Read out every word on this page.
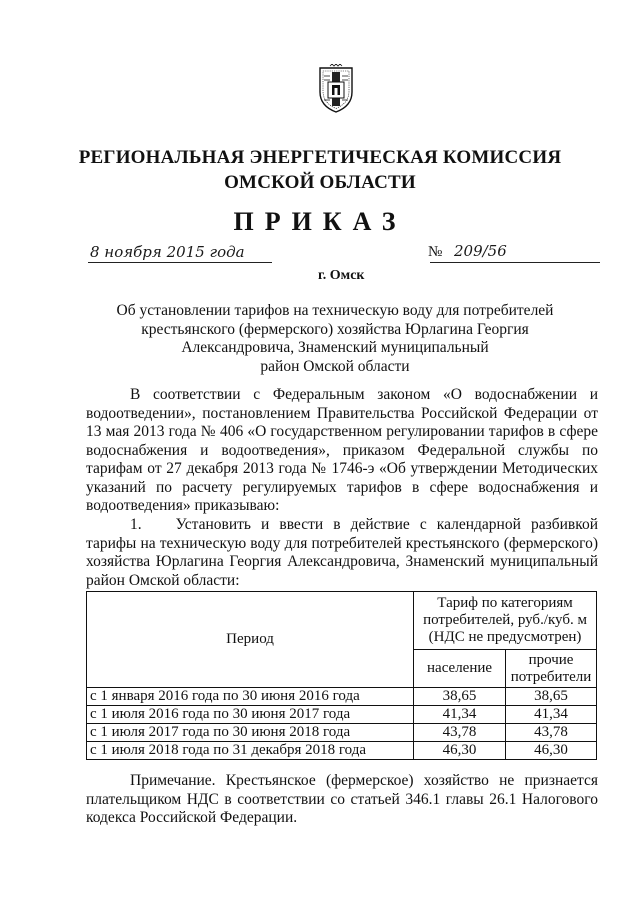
РЕГИОНАЛЬНАЯ ЭНЕРГЕТИЧЕСКАЯ КОМИССИЯ
ОМСКОЙ ОБЛАСТИ
ПРИКАЗ
8 ноября 2015 года	№ 209/56
г. Омск
Об установлении тарифов на техническую воду для потребителей
крестьянского (фермерского) хозяйства Юрлагина Георгия
Александровича, Знаменский муниципальный
район Омской области
В соответствии с Федеральным законом «О водоснабжении и водоотведении», постановлением Правительства Российской Федерации от 13 мая 2013 года № 406 «О государственном регулировании тарифов в сфере водоснабжения и водоотведения», приказом Федеральной службы по тарифам от 27 декабря 2013 года № 1746-э «Об утверждении Методических указаний по расчету регулируемых тарифов в сфере водоснабжения и водоотведения» приказываю:
1. Установить и ввести в действие с календарной разбивкой тарифы на техническую воду для потребителей крестьянского (фермерского) хозяйства Юрлагина Георгия Александровича, Знаменский муниципальный район Омской области:
Период	Тариф по категориям потребителей, руб./куб. м (НДС не предусмотрен)	
	население	прочие потребители
с 1 января 2016 года по 30 июня 2016 года	38,65	38,65
с 1 июля 2016 года по 30 июня 2017 года	41,34	41,34
с 1 июля 2017 года по 30 июня 2018 года	43,78	43,78
с 1 июля 2018 года по 31 декабря 2018 года	46,30	46,30
Примечание. Крестьянское (фермерское) хозяйство не признается плательщиком НДС в соответствии со статьей 346.1 главы 26.1 Налогового кодекса Российской Федерации.
